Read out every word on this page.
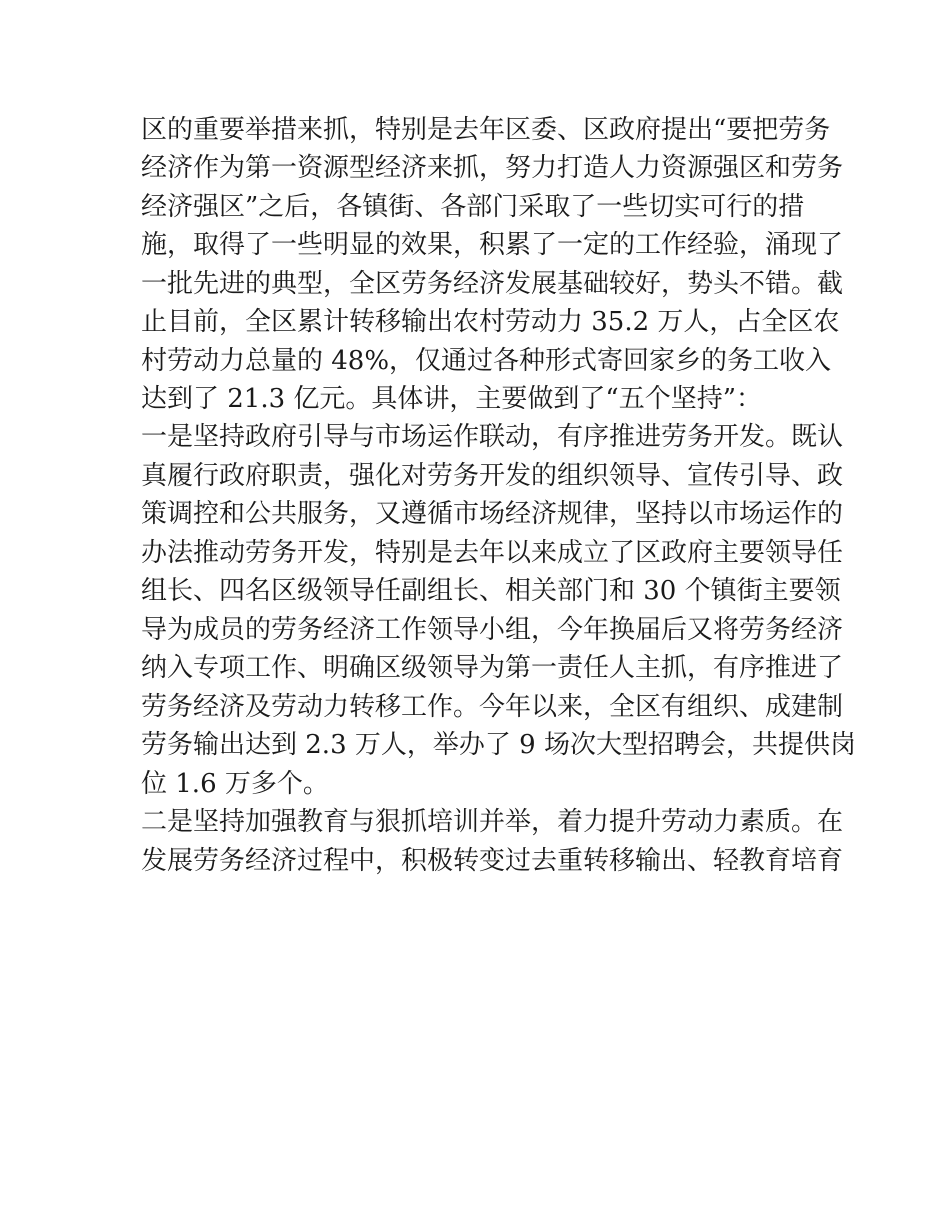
区的重要举措来抓，特别是去年区委、区政府提出“要把劳务
经济作为第一资源型经济来抓，努力打造人力资源强区和劳务
经济强区”之后，各镇街、各部门采取了一些切实可行的措
施，取得了一些明显的效果，积累了一定的工作经验，涌现了
一批先进的典型，全区劳务经济发展基础较好，势头不错。截
止目前，全区累计转移输出农村劳动力 35.2 万人，占全区农
村劳动力总量的 48%，仅通过各种形式寄回家乡的务工收入
达到了 21.3 亿元。具体讲，主要做到了“五个坚持”：
一是坚持政府引导与市场运作联动，有序推进劳务开发。既认
真履行政府职责，强化对劳务开发的组织领导、宣传引导、政
策调控和公共服务，又遵循市场经济规律，坚持以市场运作的
办法推动劳务开发，特别是去年以来成立了区政府主要领导任
组长、四名区级领导任副组长、相关部门和 30 个镇街主要领
导为成员的劳务经济工作领导小组，今年换届后又将劳务经济
纳入专项工作、明确区级领导为第一责任人主抓，有序推进了
劳务经济及劳动力转移工作。今年以来，全区有组织、成建制
劳务输出达到 2.3 万人，举办了 9 场次大型招聘会，共提供岗
位 1.6 万多个。
二是坚持加强教育与狠抓培训并举，着力提升劳动力素质。在
发展劳务经济过程中，积极转变过去重转移输出、轻教育培育
